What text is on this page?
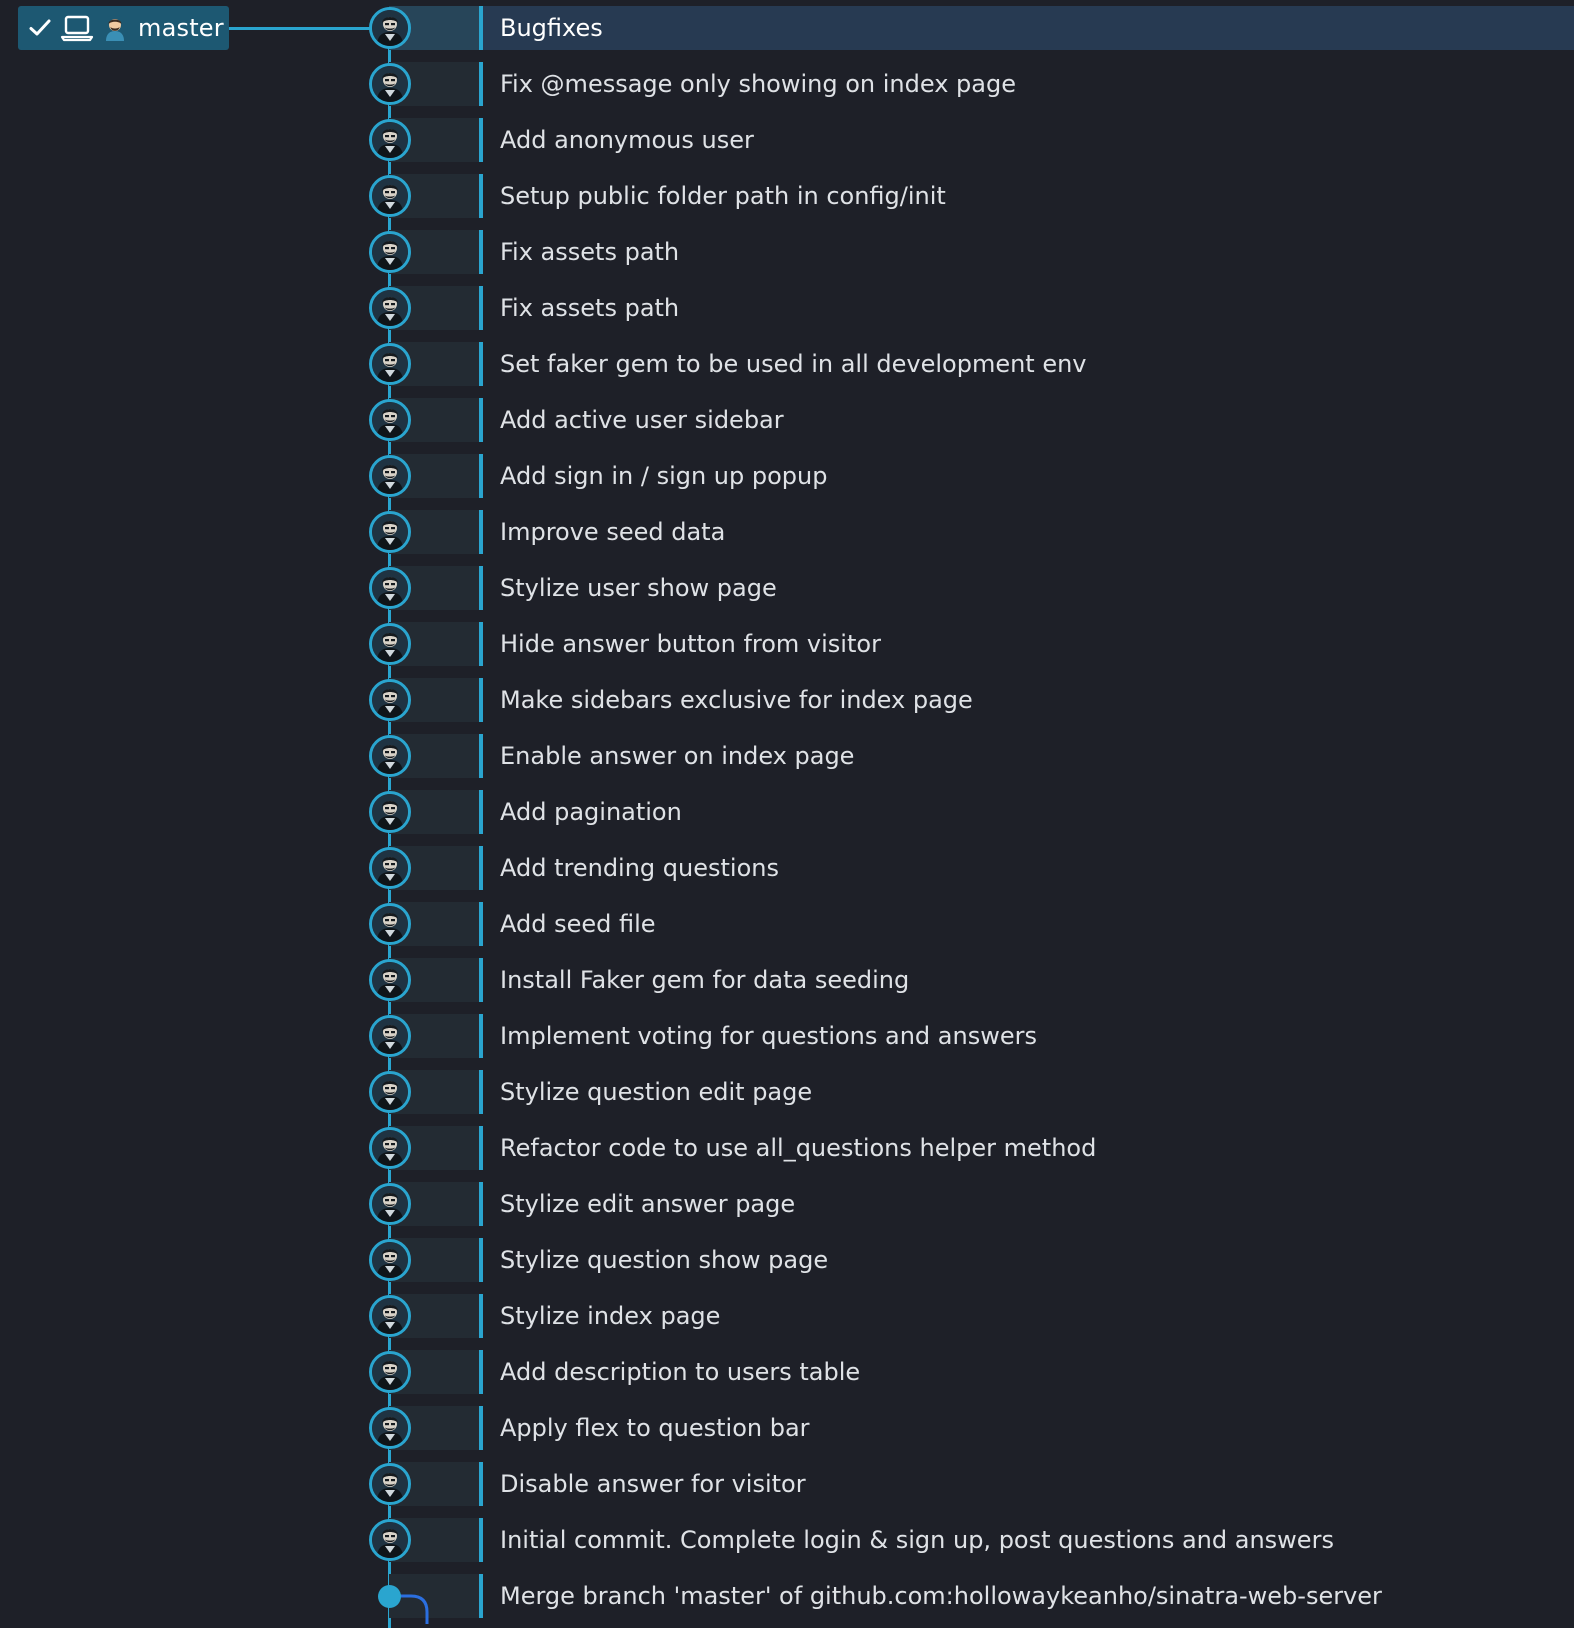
master	Bugfixes
Fix @message only showing on index page
Add anonymous user
Setup public folder path in config/init
Fix assets path
Fix assets path
Set faker gem to be used in all development env
Add active user sidebar
Add sign in / sign up popup
Improve seed data
Stylize user show page
Hide answer button from visitor
Make sidebars exclusive for index page
Enable answer on index page
Add pagination
Add trending questions
Add seed file
Install Faker gem for data seeding
Implement voting for questions and answers
Stylize question edit page
Refactor code to use all_questions helper method
Stylize edit answer page
Stylize question show page
Stylize index page
Add description to users table
Apply flex to question bar
Disable answer for visitor
Initial commit. Complete login & sign up, post questions and answers
Merge branch 'master' of github.com:hollowaykeanho/sinatra-web-server
